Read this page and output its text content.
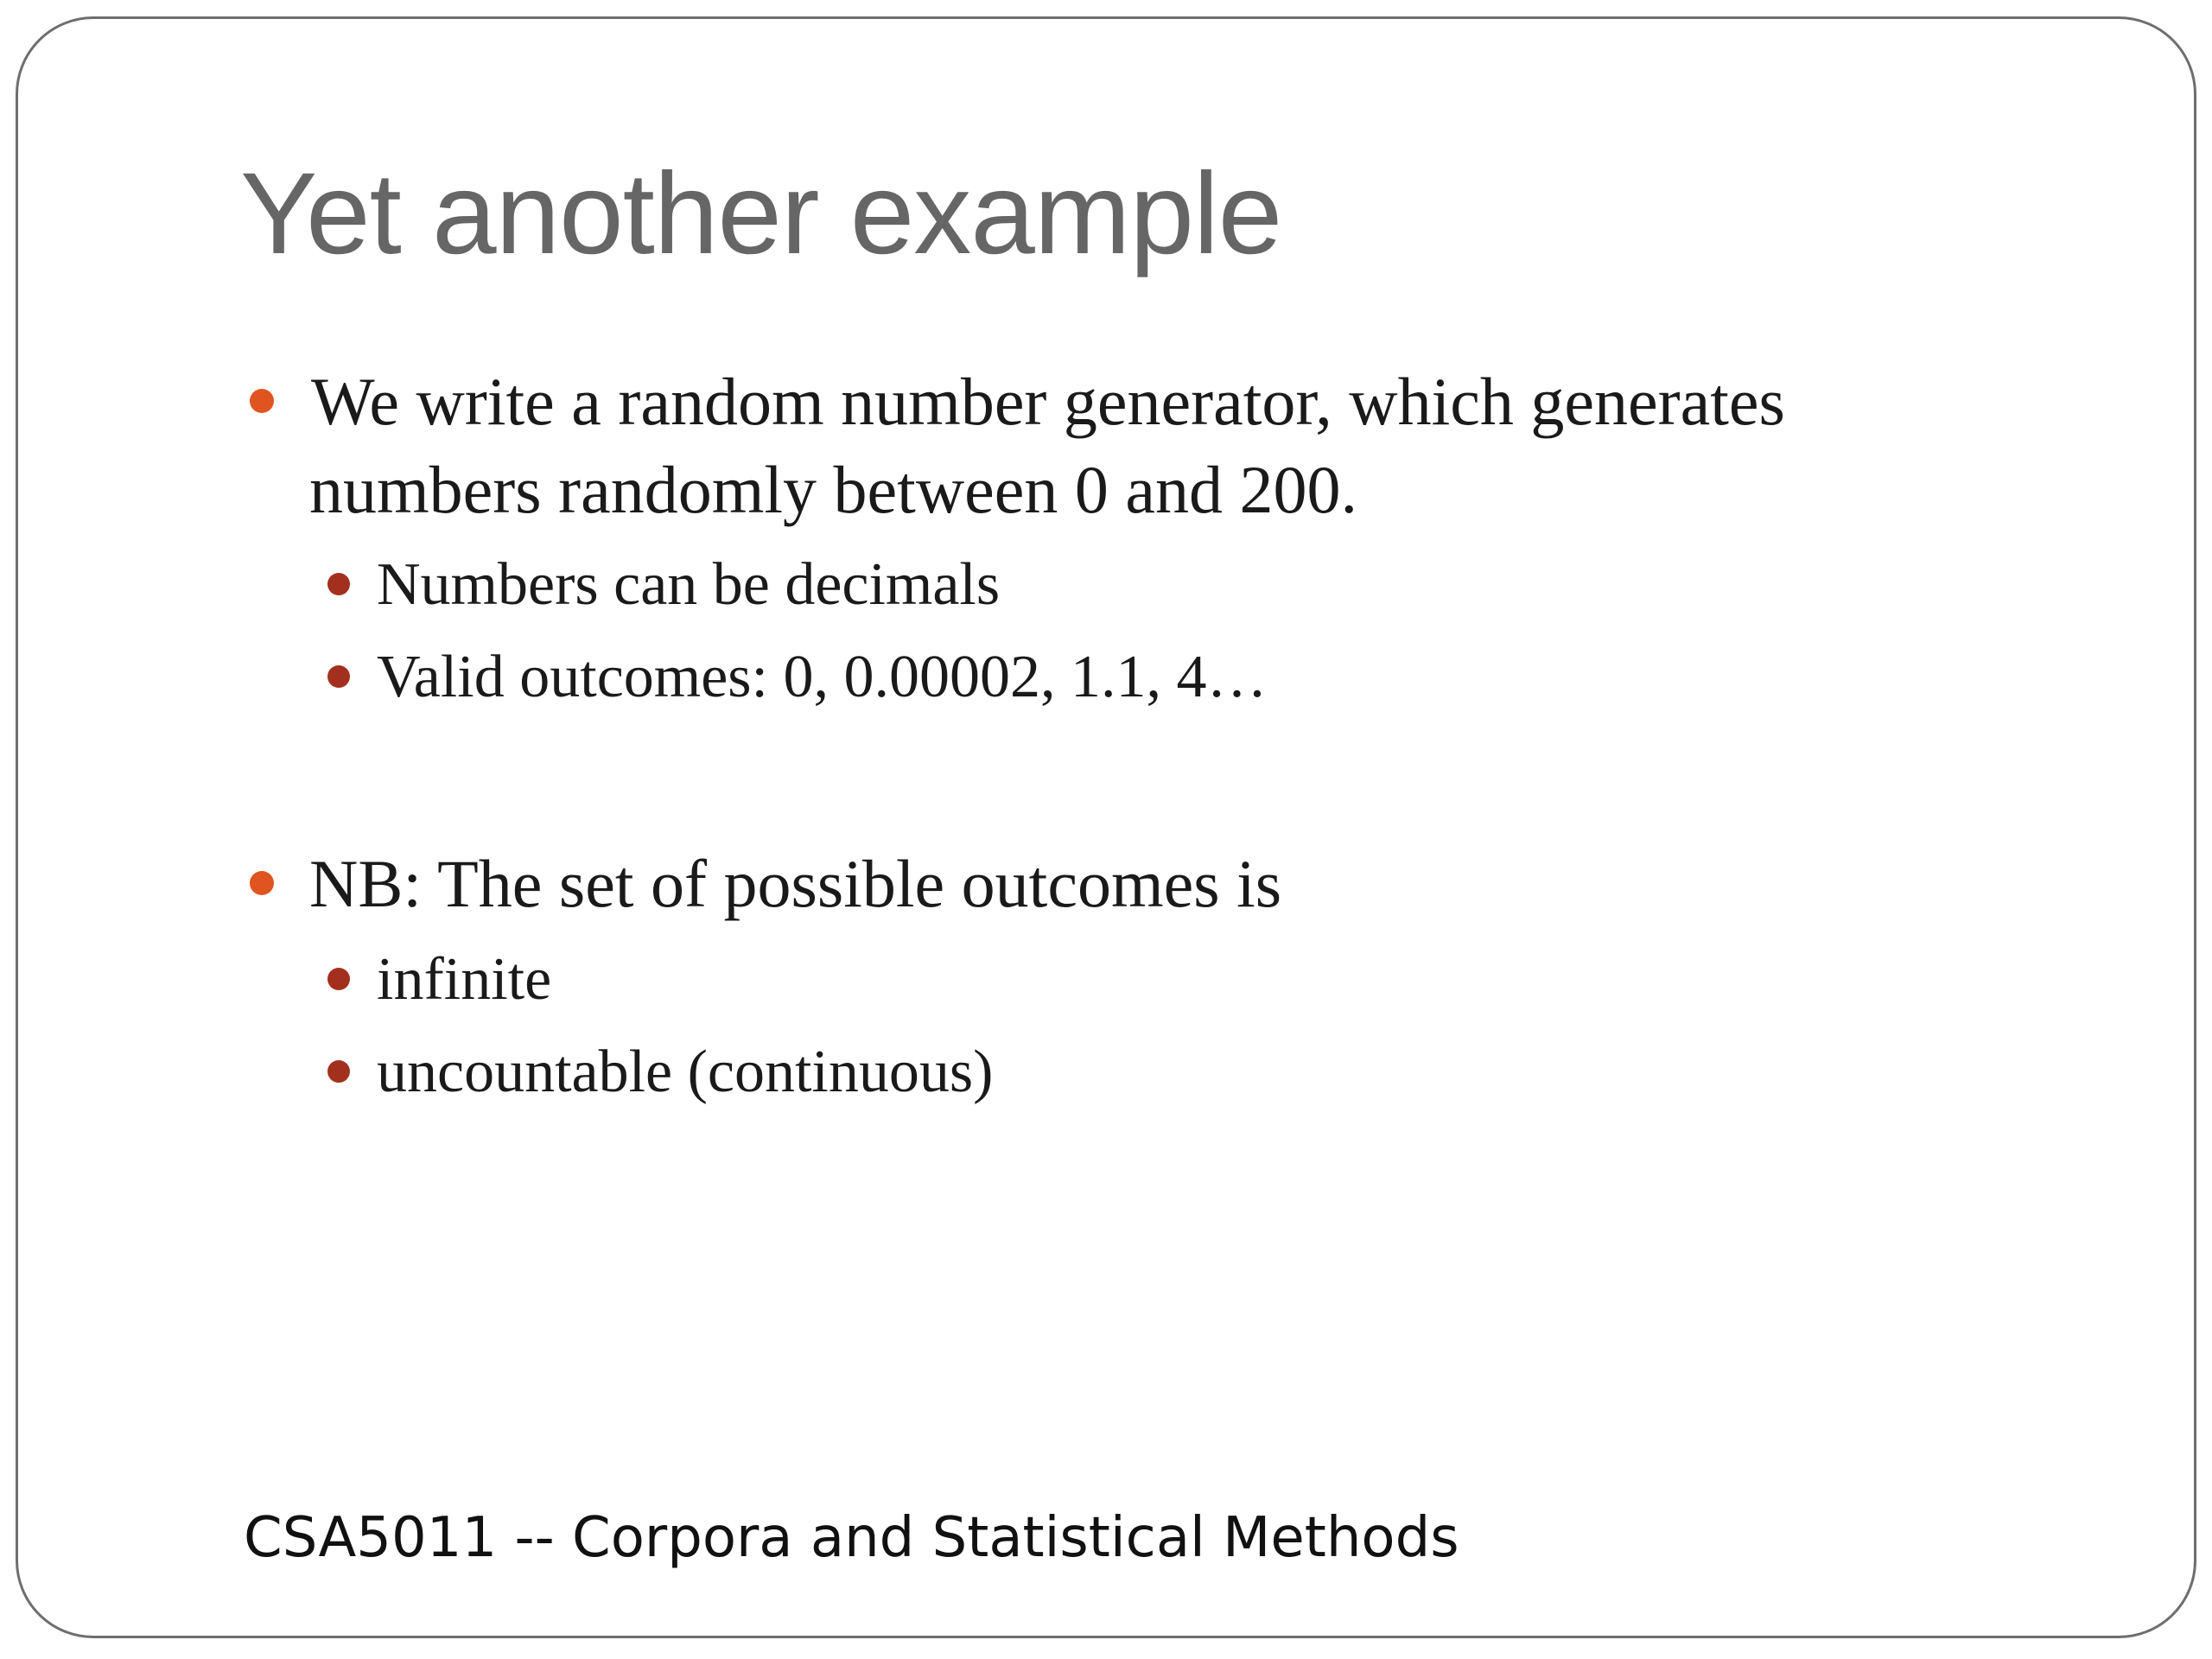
Yet another example
We write a random number generator, which generates
numbers randomly between 0 and 200.
Numbers can be decimals
Valid outcomes: 0, 0.00002, 1.1, 4…
NB: The set of possible outcomes is
infinite
uncountable (continuous)
CSA5011 -- Corpora and Statistical Methods
